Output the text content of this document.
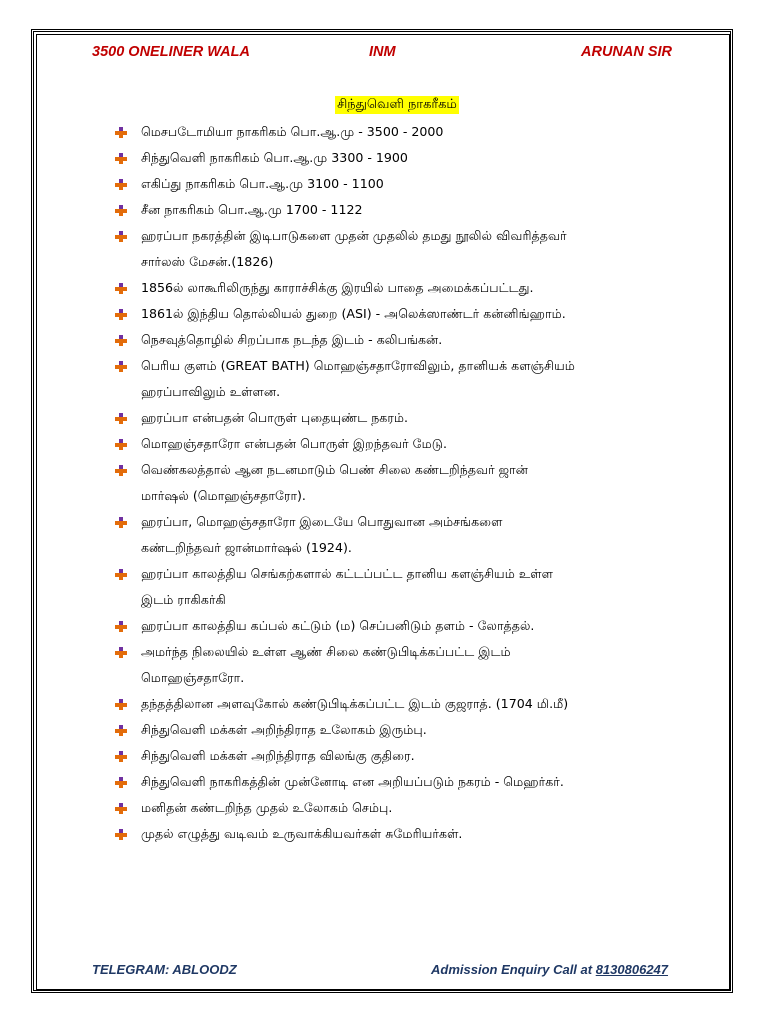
3500 ONELINER WALA	INM	ARUNAN SIR
சிந்துவெளி நாகரீகம்
மெசபடோமியா நாகரிகம் பொ.ஆ.மு - 3500 - 2000
சிந்துவெளி நாகரிகம் பொ.ஆ.மு 3300 - 1900
எகிப்து நாகரிகம் பொ.ஆ.மு 3100 - 1100
சீன நாகரிகம் பொ.ஆ.மு 1700 - 1122
ஹரப்பா நகரத்தின் இடிபாடுகளை முதன் முதலில் தமது நூலில் விவரித்தவர்
சார்லஸ் மேசன்.(1826)
1856ல் லாகூரிலிருந்து காராச்சிக்கு இரயில் பாதை அமைக்கப்பட்டது.
1861ல் இந்திய தொல்லியல் துறை (ASI) - அலெக்ஸாண்டர் கன்னிங்ஹாம்.
நெசவுத்தொழில் சிறப்பாக நடந்த இடம் - கலிபங்கன்.
பெரிய குளம் (GREAT BATH) மொஹஞ்சதாரோவிலும், தானியக் களஞ்சியம்
ஹரப்பாவிலும் உள்ளன.
ஹரப்பா என்பதன் பொருள் புதையுண்ட நகரம்.
மொஹஞ்சதாரோ என்பதன் பொருள் இறந்தவர் மேடு.
வெண்கலத்தால் ஆன நடனமாடும் பெண் சிலை கண்டறிந்தவர் ஜான்
மார்ஷல் (மொஹஞ்சதாரோ).
ஹரப்பா, மொஹஞ்சதாரோ இடையே பொதுவான அம்சங்களை
கண்டறிந்தவர் ஜான்மார்ஷல் (1924).
ஹரப்பா காலத்திய செங்கற்களால் கட்டப்பட்ட தானிய களஞ்சியம் உள்ள
இடம் ராகிகர்கி
ஹரப்பா காலத்திய கப்பல் கட்டும் (ம) செப்பனிடும் தளம் - லோத்தல்.
அமர்ந்த நிலையில் உள்ள ஆண் சிலை கண்டுபிடிக்கப்பட்ட இடம்
மொஹஞ்சதாரோ.
தந்தத்திலான அளவுகோல் கண்டுபிடிக்கப்பட்ட இடம் குஜராத். (1704 மி.மீ)
சிந்துவெளி மக்கள் அறிந்திராத உலோகம் இரும்பு.
சிந்துவெளி மக்கள் அறிந்திராத விலங்கு குதிரை.
சிந்துவெளி நாகரிகத்தின் முன்னோடி என அறியப்படும் நகரம் - மெஹர்கர்.
மனிதன் கண்டறிந்த முதல் உலோகம் செம்பு.
முதல் எழுத்து வடிவம் உருவாக்கியவர்கள் சுமேரியர்கள்.
TELEGRAM: ABLOODZ	Admission Enquiry Call at 8130806247
